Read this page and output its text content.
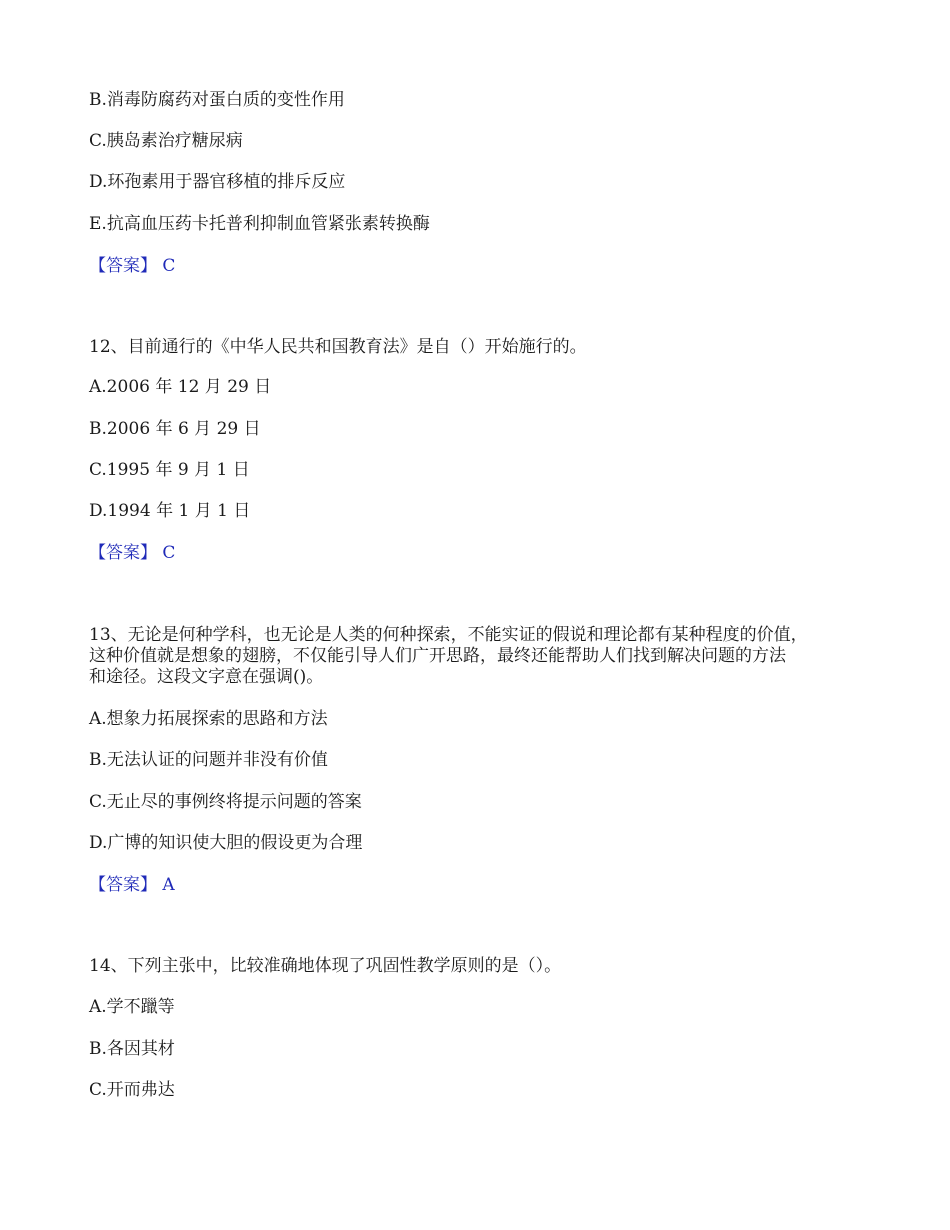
B.消毒防腐药对蛋白质的变性作用
C.胰岛素治疗糖尿病
D.环孢素用于器官移植的排斥反应
E.抗高血压药卡托普利抑制血管紧张素转换酶
【答案】 C
12、目前通行的《中华人民共和国教育法》是自（）开始施行的。
A.2006 年 12 月 29 日
B.2006 年 6 月 29 日
C.1995 年 9 月 1 日
D.1994 年 1 月 1 日
【答案】 C
13、无论是何种学科，也无论是人类的何种探索，不能实证的假说和理论都有某种程度的价值，
这种价值就是想象的翅膀，不仅能引导人们广开思路，最终还能帮助人们找到解决问题的方法
和途径。这段文字意在强调()。
A.想象力拓展探索的思路和方法
B.无法认证的问题并非没有价值
C.无止尽的事例终将提示问题的答案
D.广博的知识使大胆的假设更为合理
【答案】 A
14、下列主张中，比较准确地体现了巩固性教学原则的是（）。
A.学不躐等
B.各因其材
C.开而弗达
